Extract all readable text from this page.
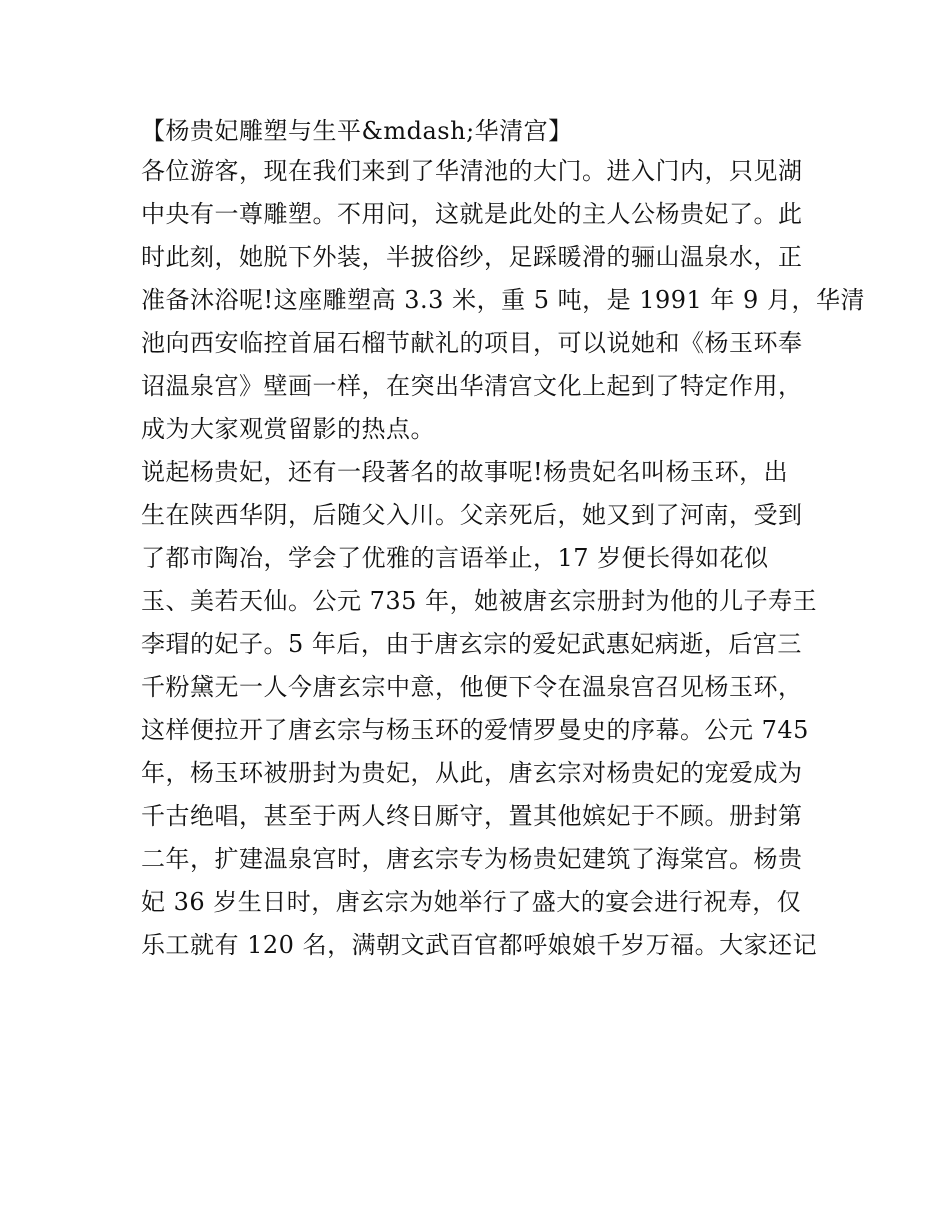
【杨贵妃雕塑与生平&mdash;华清宫】
各位游客，现在我们来到了华清池的大门。进入门内，只见湖
中央有一尊雕塑。不用问，这就是此处的主人公杨贵妃了。此
时此刻，她脱下外装，半披俗纱，足踩暖滑的骊山温泉水，正
准备沐浴呢!这座雕塑高 3.3 米，重 5 吨，是 1991 年 9 月，华清
池向西安临控首届石榴节献礼的项目，可以说她和《杨玉环奉
诏温泉宫》壁画一样，在突出华清宫文化上起到了特定作用，
成为大家观赏留影的热点。
说起杨贵妃，还有一段著名的故事呢!杨贵妃名叫杨玉环，出
生在陕西华阴，后随父入川。父亲死后，她又到了河南，受到
了都市陶冶，学会了优雅的言语举止，17 岁便长得如花似
玉、美若天仙。公元 735 年，她被唐玄宗册封为他的儿子寿王
李瑁的妃子。5 年后，由于唐玄宗的爱妃武惠妃病逝，后宫三
千粉黛无一人今唐玄宗中意，他便下令在温泉宫召见杨玉环，
这样便拉开了唐玄宗与杨玉环的爱情罗曼史的序幕。公元 745
年，杨玉环被册封为贵妃，从此，唐玄宗对杨贵妃的宠爱成为
千古绝唱，甚至于两人终日厮守，置其他嫔妃于不顾。册封第
二年，扩建温泉宫时，唐玄宗专为杨贵妃建筑了海棠宫。杨贵
妃 36 岁生日时，唐玄宗为她举行了盛大的宴会进行祝寿，仅
乐工就有 120 名，满朝文武百官都呼娘娘千岁万福。大家还记
